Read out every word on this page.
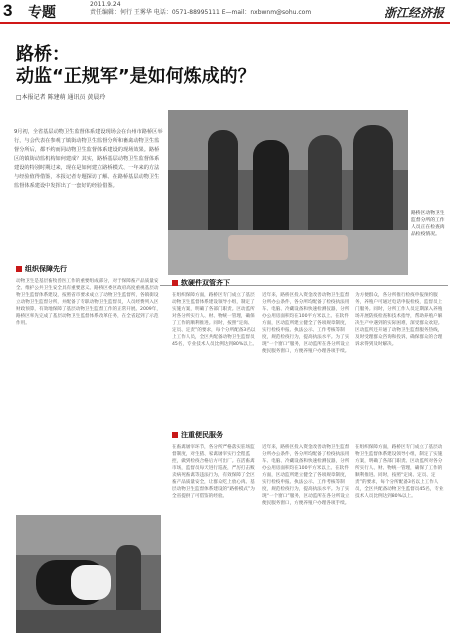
3 专题
2011.9.24
责任编辑：何行 王雾华 电话：0571-88995111 E—mail：nxbwnm@sohu.com	浙江经济报
路桥：
动监“正规军”是如何炼成的？
□本报记者 陈建萌 通讯员 黄晨玲
9月初，全省基层动物卫生监督体系建设现场会在台州市路桥区举行，与会代表在参观了镇街动物卫生监督分所和畜禽动物卫生监督分所后，都不约而同动物卫生监督体系建设的现场效果。路桥区的镇街动监机构如何建成？其实，路桥基层动物卫生监督体系建设的特别时期过来，现在是如何建立路桥模式、一年来的方法与经验值得借鉴，本报记者专题探访了解、在路桥基层动物卫生监督体系建设中发挥出了一套好的经验借鉴。
路桥区动物卫生监督分所的工作人员正在检查肉品检疫情况。
组织保障先行
软硬件双管齐下
注重便民服务
动物卫生是基层畜牧兽医工作的重要组成部分，对于保障畜产品质量安全、维护公共卫生安全具有重要意义。路桥区委区政府高度重视基层动物卫生监督体系建设，按照省市要求成立了动物卫生监督所，各镇街设立动物卫生监督分所，并配备了专职动物卫生监督员，人员经费列入区财政预算，有效地保障了基层动物卫生监督工作的正常开展。2009年，路桥区率先完成了基层动物卫生监督体系改革任务，在全省起到了示范作用。
在组织保障方面，路桥区专门成立了基层动物卫生监督体系建设领导小组，制定了实施方案，明确了各部门职责。区动监所对各分所实行人、财、物统一管理，确保了工作的顺利推进。同时，按照“定岗、定员、定责”的要求，每个分所配备3名以上工作人员，全区共配备动物卫生监督员45名，专业技术人员比例达到80%以上。
近年来，路桥区投入资金改善动物卫生监督分所办公条件，各分所均配备了检疫执法用车、电脑、冷藏设备和快速检测仪器，分所办公用房面积均在100平方米以上。在软件方面，区动监所建立健全了各项规章制度，实行检疫申报、执法公示、工作考核等制度，规范检疫行为，提高执法水平。为了实现“一个窗口”服务，区动监所在各分所设立便民服务窗口，方便养殖户办理各项手续。
为方便群众，各分所推行检疫申报预约服务，养殖户可通过电话申报检疫，监督员上门服务。同时，分所工作人员定期深入养殖场开展防疫检查和技术指导，帮助养殖户解决生产中遇到的实际困难，深受群众欢迎。区动监所还开通了动物卫生监督服务热线，及时受理群众咨询和投诉，确保群众的合理诉求得到及时解决。
在畜禽屠宰环节，各分所严格落实驻场监督制度，对生猪、家禽屠宰实行全程监控，做到检疫合格后方可出厂。在活畜禽市场，监督员每天进行巡查，严厉打击贩卖病死畜禽等违法行为，有效保障了全区畜产品质量安全，让群众吃上放心肉。基层动物卫生监督体系建设的“路桥模式”为全省提供了可借鉴的经验。
近年来，路桥区投入资金改善动物卫生监督分所办公条件，各分所均配备了检疫执法用车、电脑、冷藏设备和快速检测仪器，分所办公用房面积均在100平方米以上。在软件方面，区动监所建立健全了各项规章制度，实行检疫申报、执法公示、工作考核等制度，规范检疫行为，提高执法水平。为了实现“一个窗口”服务，区动监所在各分所设立便民服务窗口，方便养殖户办理各项手续。
在组织保障方面，路桥区专门成立了基层动物卫生监督体系建设领导小组，制定了实施方案，明确了各部门职责。区动监所对各分所实行人、财、物统一管理，确保了工作的顺利推进。同时，按照“定岗、定员、定责”的要求，每个分所配备3名以上工作人员，全区共配备动物卫生监督员45名，专业技术人员比例达到80%以上。
